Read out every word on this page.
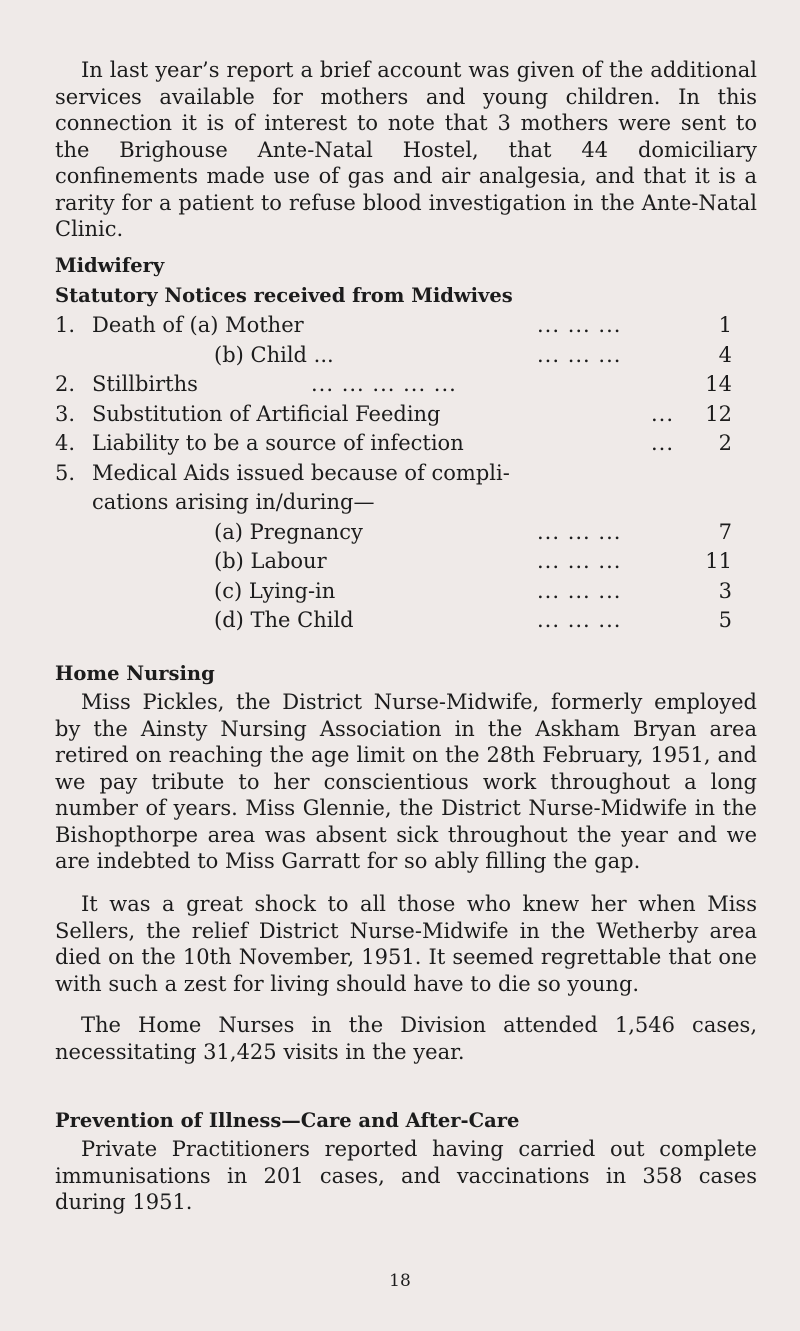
In last year’s report a brief account was given of the additional services available for mothers and young children. In this connection it is of interest to note that 3 mothers were sent to the Brighouse Ante-Natal Hostel, that 44 domiciliary confinements made use of gas and air analgesia, and that it is a rarity for a patient to refuse blood investigation in the Ante-Natal Clinic.

Midwifery
Statutory Notices received from Midwives
1. Death of (a) Mother	... ... ...	1
(b) Child ...	... ... ...	4
2. Stillbirths	... ... ... ... ...	14
3. Substitution of Artificial Feeding	... 12
4. Liability to be a source of infection	... 2
5. Medical Aids issued because of compli-
cations arising in/during—
(a) Pregnancy	... ... ...	7
(b) Labour	... ... ...	11
(c) Lying-in	... ... ...	3
(d) The Child	... ... ...	5
Home Nursing

Miss Pickles, the District Nurse-Midwife, formerly employed by the Ainsty Nursing Association in the Askham Bryan area retired on reaching the age limit on the 28th February, 1951, and we pay tribute to her conscientious work throughout a long number of years. Miss Glennie, the District Nurse-Midwife in the Bishopthorpe area was absent sick throughout the year and we are indebted to Miss Garratt for so ably filling the gap.

It was a great shock to all those who knew her when Miss Sellers, the relief District Nurse-Midwife in the Wetherby area died on the 10th November, 1951. It seemed regrettable that one with such a zest for living should have to die so young.

The Home Nurses in the Division attended 1,546 cases, necessitating 31,425 visits in the year.

Prevention of Illness—Care and After-Care

Private Practitioners reported having carried out complete immunisations in 201 cases, and vaccinations in 358 cases during 1951.

18
